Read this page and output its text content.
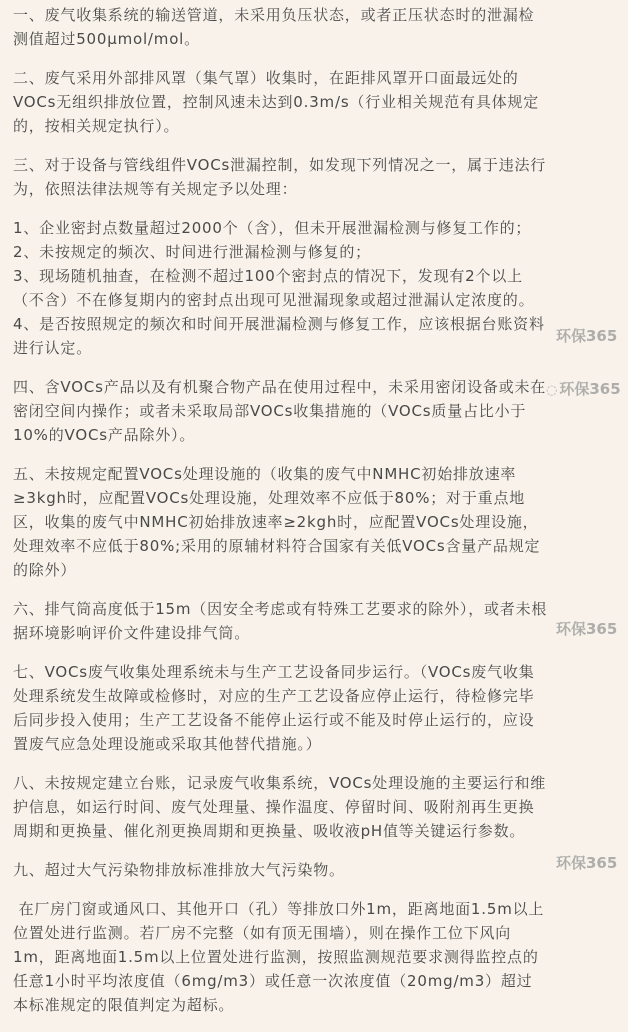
一、废气收集系统的输送管道，未采用负压状态，或者正压状态时的泄漏检测值超过500μmol/mol。

二、废气采用外部排风罩（集气罩）收集时，在距排风罩开口面最远处的VOCs无组织排放位置，控制风速未达到0.3m/s（行业相关规范有具体规定的，按相关规定执行）。

三、对于设备与管线组件VOCs泄漏控制，如发现下列情况之一，属于违法行为，依照法律法规等有关规定予以处理：

1、企业密封点数量超过2000个（含），但未开展泄漏检测与修复工作的；
2、未按规定的频次、时间进行泄漏检测与修复的；
3、现场随机抽查，在检测不超过100个密封点的情况下，发现有2个以上（不含）不在修复期内的密封点出现可见泄漏现象或超过泄漏认定浓度的。
4、是否按照规定的频次和时间开展泄漏检测与修复工作，应该根据台账资料进行认定。

四、含VOCs产品以及有机聚合物产品在使用过程中，未采用密闭设备或未在密闭空间内操作；或者未采取局部VOCs收集措施的（VOCs质量占比小于10%的VOCs产品除外）。

五、未按规定配置VOCs处理设施的（收集的废气中NMHC初始排放速率≥3kgh时，应配置VOCs处理设施，处理效率不应低于80%；对于重点地区，收集的废气中NMHC初始排放速率≥2kgh时，应配置VOCs处理设施，处理效率不应低于80%;采用的原辅材料符合国家有关低VOCs含量产品规定的除外）

六、排气筒高度低于15m（因安全考虑或有特殊工艺要求的除外），或者未根据环境影响评价文件建设排气筒。

七、VOCs废气收集处理系统未与生产工艺设备同步运行。（VOCs废气收集处理系统发生故障或检修时，对应的生产工艺设备应停止运行，待检修完毕后同步投入使用；生产工艺设备不能停止运行或不能及时停止运行的，应设置废气应急处理设施或采取其他替代措施。）

八、未按规定建立台账，记录废气收集系统，VOCs处理设施的主要运行和维护信息，如运行时间、废气处理量、操作温度、停留时间、吸附剂再生更换周期和更换量、催化剂更换周期和更换量、吸收液pH值等关键运行参数。

九、超过大气污染物排放标准排放大气污染物。

在厂房门窗或通风口、其他开口（孔）等排放口外1m，距离地面1.5m以上位置处进行监测。若厂房不完整（如有顶无围墙），则在操作工位下风向1m，距离地面1.5m以上位置处进行监测，按照监测规范要求测得监控点的任意1小时平均浓度值（6mg/m3）或任意一次浓度值（20mg/m3）超过本标准规定的限值判定为超标。

环保365
◌ 环保365
环保365
环保365
